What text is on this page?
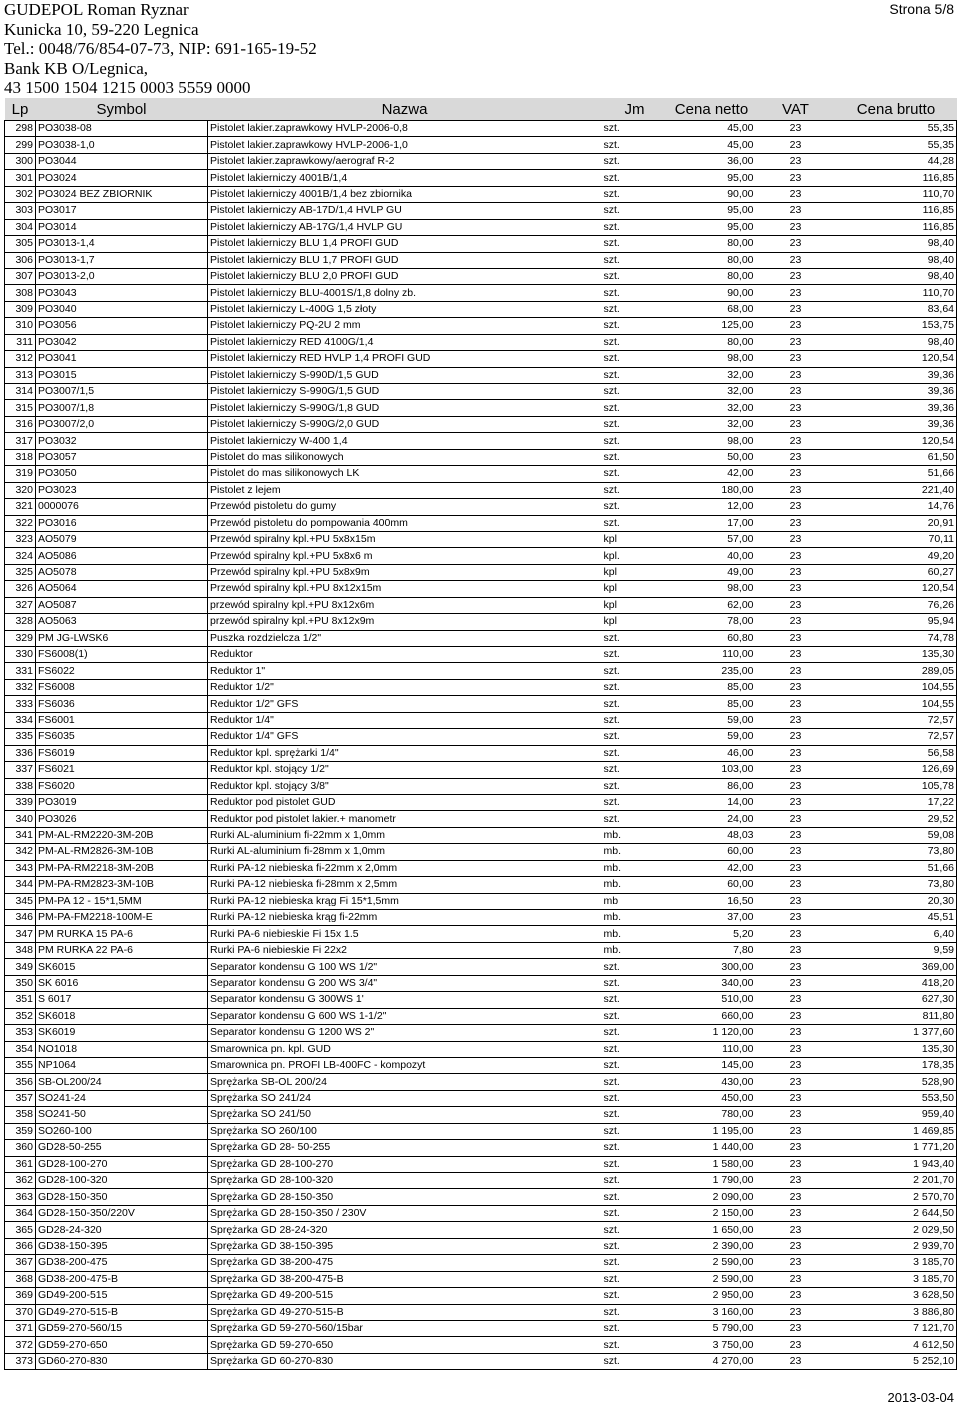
GUDEPOL Roman Ryznar
Kunicka 10, 59-220 Legnica
Tel.: 0048/76/854-07-73, NIP: 691-165-19-52
Bank KB O/Legnica,
43 1500 1504 1215 0003 5559 0000
Strona 5/8
Lp	Symbol	Nazwa	Jm	Cena netto	VAT	Cena brutto
298	PO3038-08	Pistolet lakier.zaprawkowy HVLP-2006-0,8	szt.	45,00	23	55,35
299	PO3038-1,0	Pistolet lakier.zaprawkowy HVLP-2006-1,0	szt.	45,00	23	55,35
300	PO3044	Pistolet lakier.zaprawkowy/aerograf R-2	szt.	36,00	23	44,28
301	PO3024	Pistolet lakierniczy 4001B/1,4	szt.	95,00	23	116,85
302	PO3024 BEZ ZBIORNIK	Pistolet lakierniczy 4001B/1,4 bez zbiornika	szt.	90,00	23	110,70
303	PO3017	Pistolet lakierniczy AB-17D/1,4 HVLP GU	szt.	95,00	23	116,85
304	PO3014	Pistolet lakierniczy AB-17G/1,4 HVLP GU	szt.	95,00	23	116,85
305	PO3013-1,4	Pistolet lakierniczy BLU 1,4 PROFI GUD	szt.	80,00	23	98,40
306	PO3013-1,7	Pistolet lakierniczy BLU 1,7 PROFI GUD	szt.	80,00	23	98,40
307	PO3013-2,0	Pistolet lakierniczy BLU 2,0 PROFI GUD	szt.	80,00	23	98,40
308	PO3043	Pistolet lakierniczy BLU-4001S/1,8 dolny zb.	szt.	90,00	23	110,70
309	PO3040	Pistolet lakierniczy L-400G 1,5 złoty	szt.	68,00	23	83,64
310	PO3056	Pistolet lakierniczy PQ-2U 2 mm	szt.	125,00	23	153,75
311	PO3042	Pistolet lakierniczy RED 4100G/1,4	szt.	80,00	23	98,40
312	PO3041	Pistolet lakierniczy RED HVLP 1,4 PROFI GUD	szt.	98,00	23	120,54
313	PO3015	Pistolet lakierniczy S-990D/1,5 GUD	szt.	32,00	23	39,36
314	PO3007/1,5	Pistolet lakierniczy S-990G/1,5 GUD	szt.	32,00	23	39,36
315	PO3007/1,8	Pistolet lakierniczy S-990G/1,8 GUD	szt.	32,00	23	39,36
316	PO3007/2,0	Pistolet lakierniczy S-990G/2,0 GUD	szt.	32,00	23	39,36
317	PO3032	Pistolet lakierniczy W-400 1,4	szt.	98,00	23	120,54
318	PO3057	Pistolet do mas silikonowych	szt.	50,00	23	61,50
319	PO3050	Pistolet do mas silikonowych LK	szt.	42,00	23	51,66
320	PO3023	Pistolet z lejem	szt.	180,00	23	221,40
321	0000076	Przewód pistoletu do gumy	szt.	12,00	23	14,76
322	PO3016	Przewód pistoletu do pompowania 400mm	szt.	17,00	23	20,91
323	AO5079	Przewód spiralny kpl.+PU 5x8x15m	kpl	57,00	23	70,11
324	AO5086	Przewód spiralny kpl.+PU 5x8x6 m	kpl.	40,00	23	49,20
325	AO5078	Przewód spiralny kpl.+PU 5x8x9m	kpl	49,00	23	60,27
326	AO5064	Przewód spiralny kpl.+PU 8x12x15m	kpl	98,00	23	120,54
327	AO5087	przewód spiralny kpl.+PU 8x12x6m	kpl	62,00	23	76,26
328	AO5063	przewód spiralny kpl.+PU 8x12x9m	kpl	78,00	23	95,94
329	PM JG-LWSK6	Puszka rozdzielcza 1/2"	szt.	60,80	23	74,78
330	FS6008(1)	Reduktor	szt.	110,00	23	135,30
331	FS6022	Reduktor 1"	szt.	235,00	23	289,05
332	FS6008	Reduktor 1/2"	szt.	85,00	23	104,55
333	FS6036	Reduktor 1/2" GFS	szt.	85,00	23	104,55
334	FS6001	Reduktor 1/4"	szt.	59,00	23	72,57
335	FS6035	Reduktor 1/4" GFS	szt.	59,00	23	72,57
336	FS6019	Reduktor kpl. sprężarki 1/4"	szt.	46,00	23	56,58
337	FS6021	Reduktor kpl. stojący 1/2"	szt.	103,00	23	126,69
338	FS6020	Reduktor kpl. stojący 3/8"	szt.	86,00	23	105,78
339	PO3019	Reduktor pod pistolet GUD	szt.	14,00	23	17,22
340	PO3026	Reduktor pod pistolet lakier.+ manometr	szt.	24,00	23	29,52
341	PM-AL-RM2220-3M-20B	Rurki AL-aluminium fi-22mm x 1,0mm	mb.	48,03	23	59,08
342	PM-AL-RM2826-3M-10B	Rurki AL-aluminium fi-28mm x 1,0mm	mb.	60,00	23	73,80
343	PM-PA-RM2218-3M-20B	Rurki PA-12 niebieska fi-22mm x 2,0mm	mb.	42,00	23	51,66
344	PM-PA-RM2823-3M-10B	Rurki PA-12 niebieska fi-28mm x 2,5mm	mb.	60,00	23	73,80
345	PM-PA 12 - 15*1,5MM	Rurki PA-12 niebieska krąg Fi 15*1,5mm	mb	16,50	23	20,30
346	PM-PA-FM2218-100M-E	Rurki PA-12 niebieska krąg fi-22mm	mb.	37,00	23	45,51
347	PM RURKA 15 PA-6	Rurki PA-6 niebieskie Fi 15x 1.5	mb.	5,20	23	6,40
348	PM RURKA 22 PA-6	Rurki PA-6 niebieskie Fi 22x2	mb.	7,80	23	9,59
349	SK6015	Separator kondensu G 100 WS 1/2"	szt.	300,00	23	369,00
350	SK 6016	Separator kondensu G 200 WS 3/4"	szt.	340,00	23	418,20
351	S 6017	Separator kondensu G 300WS 1'	szt.	510,00	23	627,30
352	SK6018	Separator kondensu G 600 WS 1-1/2"	szt.	660,00	23	811,80
353	SK6019	Separator kondensu G 1200 WS 2"	szt.	1 120,00	23	1 377,60
354	NO1018	Smarownica pn. kpl. GUD	szt.	110,00	23	135,30
355	NP1064	Smarownica pn. PROFI LB-400FC - kompozyt	szt.	145,00	23	178,35
356	SB-OL200/24	Sprężarka SB-OL 200/24	szt.	430,00	23	528,90
357	SO241-24	Sprężarka SO 241/24	szt.	450,00	23	553,50
358	SO241-50	Sprężarka SO 241/50	szt.	780,00	23	959,40
359	SO260-100	Sprężarka SO 260/100	szt.	1 195,00	23	1 469,85
360	GD28-50-255	Sprężarka GD 28- 50-255	szt.	1 440,00	23	1 771,20
361	GD28-100-270	Sprężarka GD 28-100-270	szt.	1 580,00	23	1 943,40
362	GD28-100-320	Sprężarka GD 28-100-320	szt.	1 790,00	23	2 201,70
363	GD28-150-350	Sprężarka GD 28-150-350	szt.	2 090,00	23	2 570,70
364	GD28-150-350/220V	Sprężarka GD 28-150-350 / 230V	szt.	2 150,00	23	2 644,50
365	GD28-24-320	Sprężarka GD 28-24-320	szt.	1 650,00	23	2 029,50
366	GD38-150-395	Sprężarka GD 38-150-395	szt.	2 390,00	23	2 939,70
367	GD38-200-475	Sprężarka GD 38-200-475	szt.	2 590,00	23	3 185,70
368	GD38-200-475-B	Sprężarka GD 38-200-475-B	szt.	2 590,00	23	3 185,70
369	GD49-200-515	Sprężarka GD 49-200-515	szt.	2 950,00	23	3 628,50
370	GD49-270-515-B	Sprężarka GD 49-270-515-B	szt.	3 160,00	23	3 886,80
371	GD59-270-560/15	Sprężarka GD 59-270-560/15bar	szt.	5 790,00	23	7 121,70
372	GD59-270-650	Sprężarka GD 59-270-650	szt.	3 750,00	23	4 612,50
373	GD60-270-830	Sprężarka GD 60-270-830	szt.	4 270,00	23	5 252,10
2013-03-04
